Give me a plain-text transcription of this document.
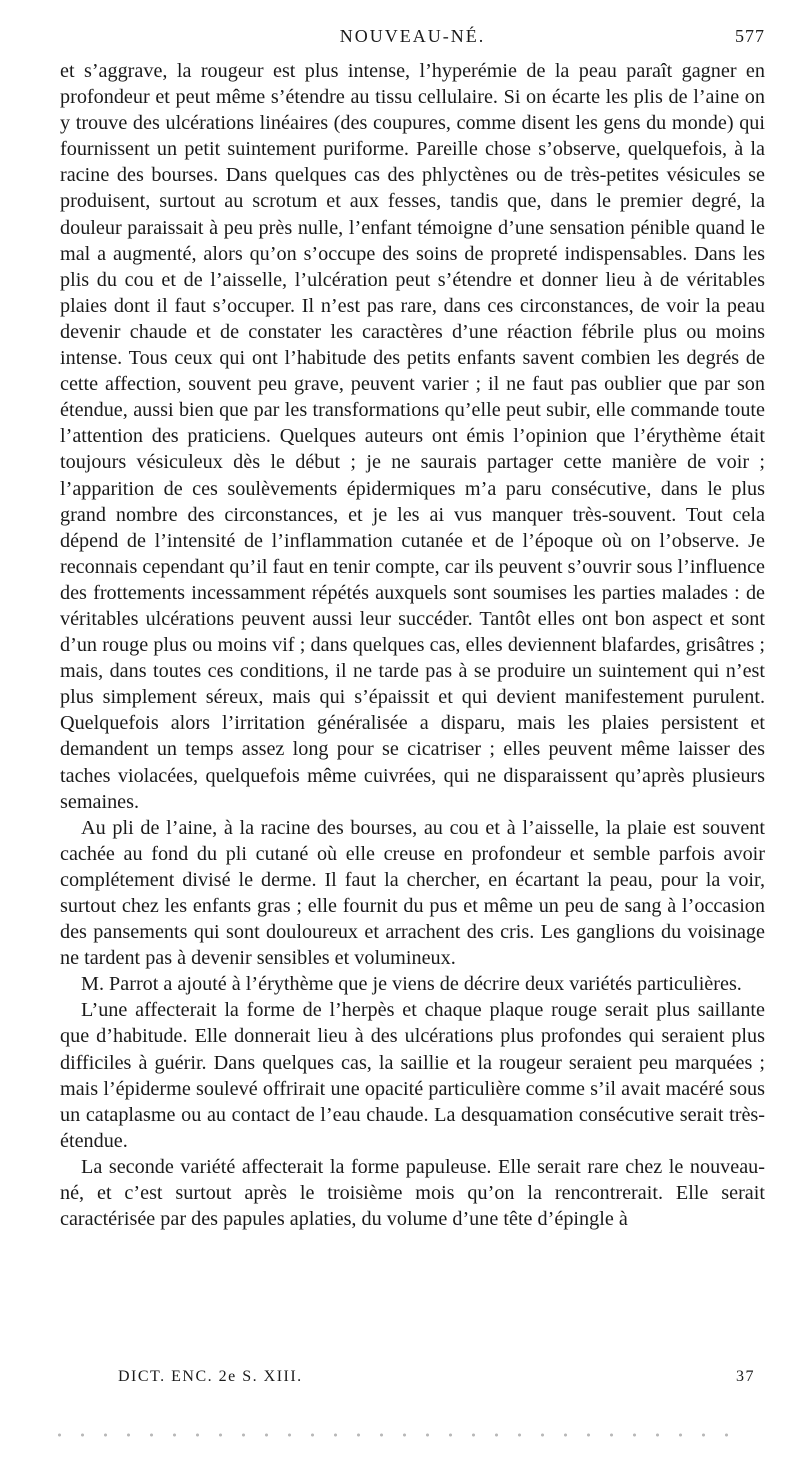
NOUVEAU-NÉ.	577

et s’aggrave, la rougeur est plus intense, l’hyperémie de la peau paraît gagner en profondeur et peut même s’étendre au tissu cellulaire. Si on écarte les plis de l’aine on y trouve des ulcérations linéaires (des coupures, comme disent les gens du monde) qui fournissent un petit suintement puriforme. Pareille chose s’observe, quelquefois, à la racine des bourses. Dans quelques cas des phlyctènes ou de très-petites vésicules se produisent, surtout au scrotum et aux fesses, tandis que, dans le premier degré, la douleur paraissait à peu près nulle, l’enfant témoigne d’une sensation pénible quand le mal a augmenté, alors qu’on s’occupe des soins de propreté indispensables. Dans les plis du cou et de l’aisselle, l’ulcération peut s’étendre et donner lieu à de véritables plaies dont il faut s’occuper. Il n’est pas rare, dans ces circonstances, de voir la peau devenir chaude et de constater les caractères d’une réaction fébrile plus ou moins intense. Tous ceux qui ont l’habitude des petits enfants savent combien les degrés de cette affection, souvent peu grave, peuvent varier ; il ne faut pas oublier que par son étendue, aussi bien que par les transformations qu’elle peut subir, elle commande toute l’attention des praticiens. Quelques auteurs ont émis l’opinion que l’érythème était toujours vésiculeux dès le début ; je ne saurais partager cette manière de voir ; l’apparition de ces soulèvements épidermiques m’a paru consécutive, dans le plus grand nombre des circonstances, et je les ai vus manquer très-souvent. Tout cela dépend de l’intensité de l’inflammation cutanée et de l’époque où on l’observe. Je reconnais cependant qu’il faut en tenir compte, car ils peuvent s’ouvrir sous l’influence des frottements incessamment répétés auxquels sont soumises les parties malades : de véritables ulcérations peuvent aussi leur succéder. Tantôt elles ont bon aspect et sont d’un rouge plus ou moins vif ; dans quelques cas, elles deviennent blafardes, grisâtres ; mais, dans toutes ces conditions, il ne tarde pas à se produire un suintement qui n’est plus simplement séreux, mais qui s’épaissit et qui devient manifestement purulent. Quelquefois alors l’irritation généralisée a disparu, mais les plaies persistent et demandent un temps assez long pour se cicatriser ; elles peuvent même laisser des taches violacées, quelquefois même cuivrées, qui ne disparaissent qu’après plusieurs semaines.

Au pli de l’aine, à la racine des bourses, au cou et à l’aisselle, la plaie est souvent cachée au fond du pli cutané où elle creuse en profondeur et semble parfois avoir complétement divisé le derme. Il faut la chercher, en écartant la peau, pour la voir, surtout chez les enfants gras ; elle fournit du pus et même un peu de sang à l’occasion des pansements qui sont douloureux et arrachent des cris. Les ganglions du voisinage ne tardent pas à devenir sensibles et volumineux.

M. Parrot a ajouté à l’érythème que je viens de décrire deux variétés particulières.

L’une affecterait la forme de l’herpès et chaque plaque rouge serait plus saillante que d’habitude. Elle donnerait lieu à des ulcérations plus profondes qui seraient plus difficiles à guérir. Dans quelques cas, la saillie et la rougeur seraient peu marquées ; mais l’épiderme soulevé offrirait une opacité particulière comme s’il avait macéré sous un cataplasme ou au contact de l’eau chaude. La desquamation consécutive serait très-étendue.

La seconde variété affecterait la forme papuleuse. Elle serait rare chez le nouveau-né, et c’est surtout après le troisième mois qu’on la rencontrerait. Elle serait caractérisée par des papules aplaties, du volume d’une tête d’épingle à

DICT. ENC. 2e S. XIII.	37
